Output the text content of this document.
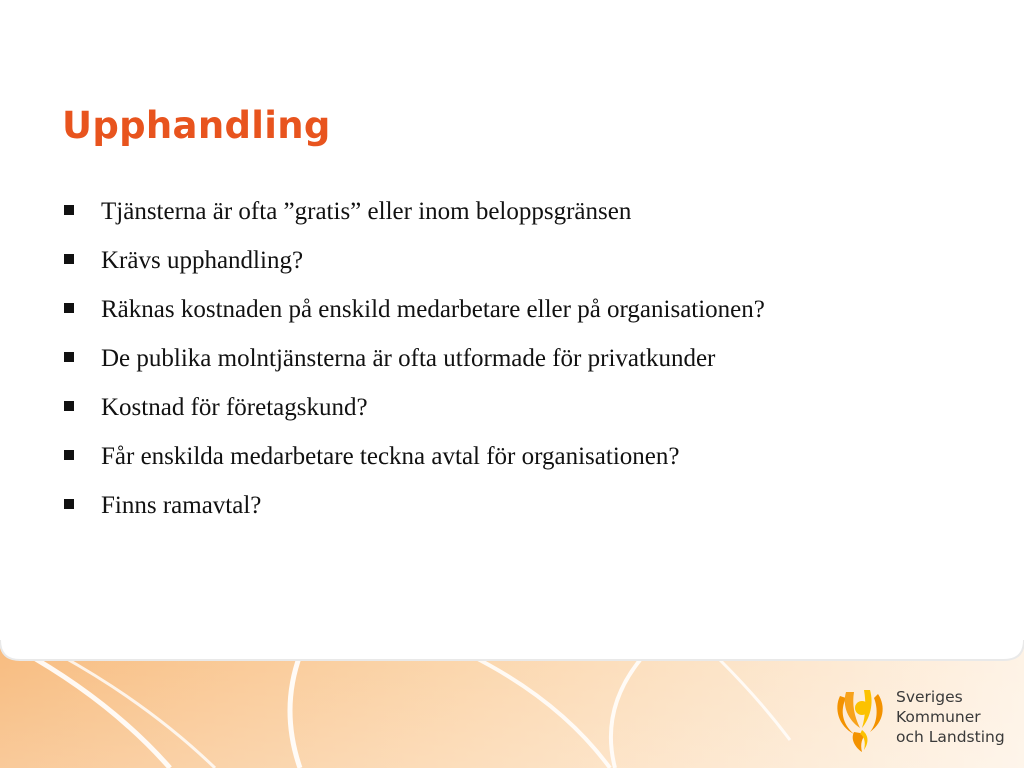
Upphandling
Tjänsterna är ofta ”gratis” eller inom beloppsgränsen
Krävs upphandling?
Räknas kostnaden på enskild medarbetare eller på organisationen?
De publika molntjänsterna är ofta utformade för privatkunder
Kostnad för företagskund?
Får enskilda medarbetare teckna avtal för organisationen?
Finns ramavtal?
Sveriges
Kommuner
och Landsting
